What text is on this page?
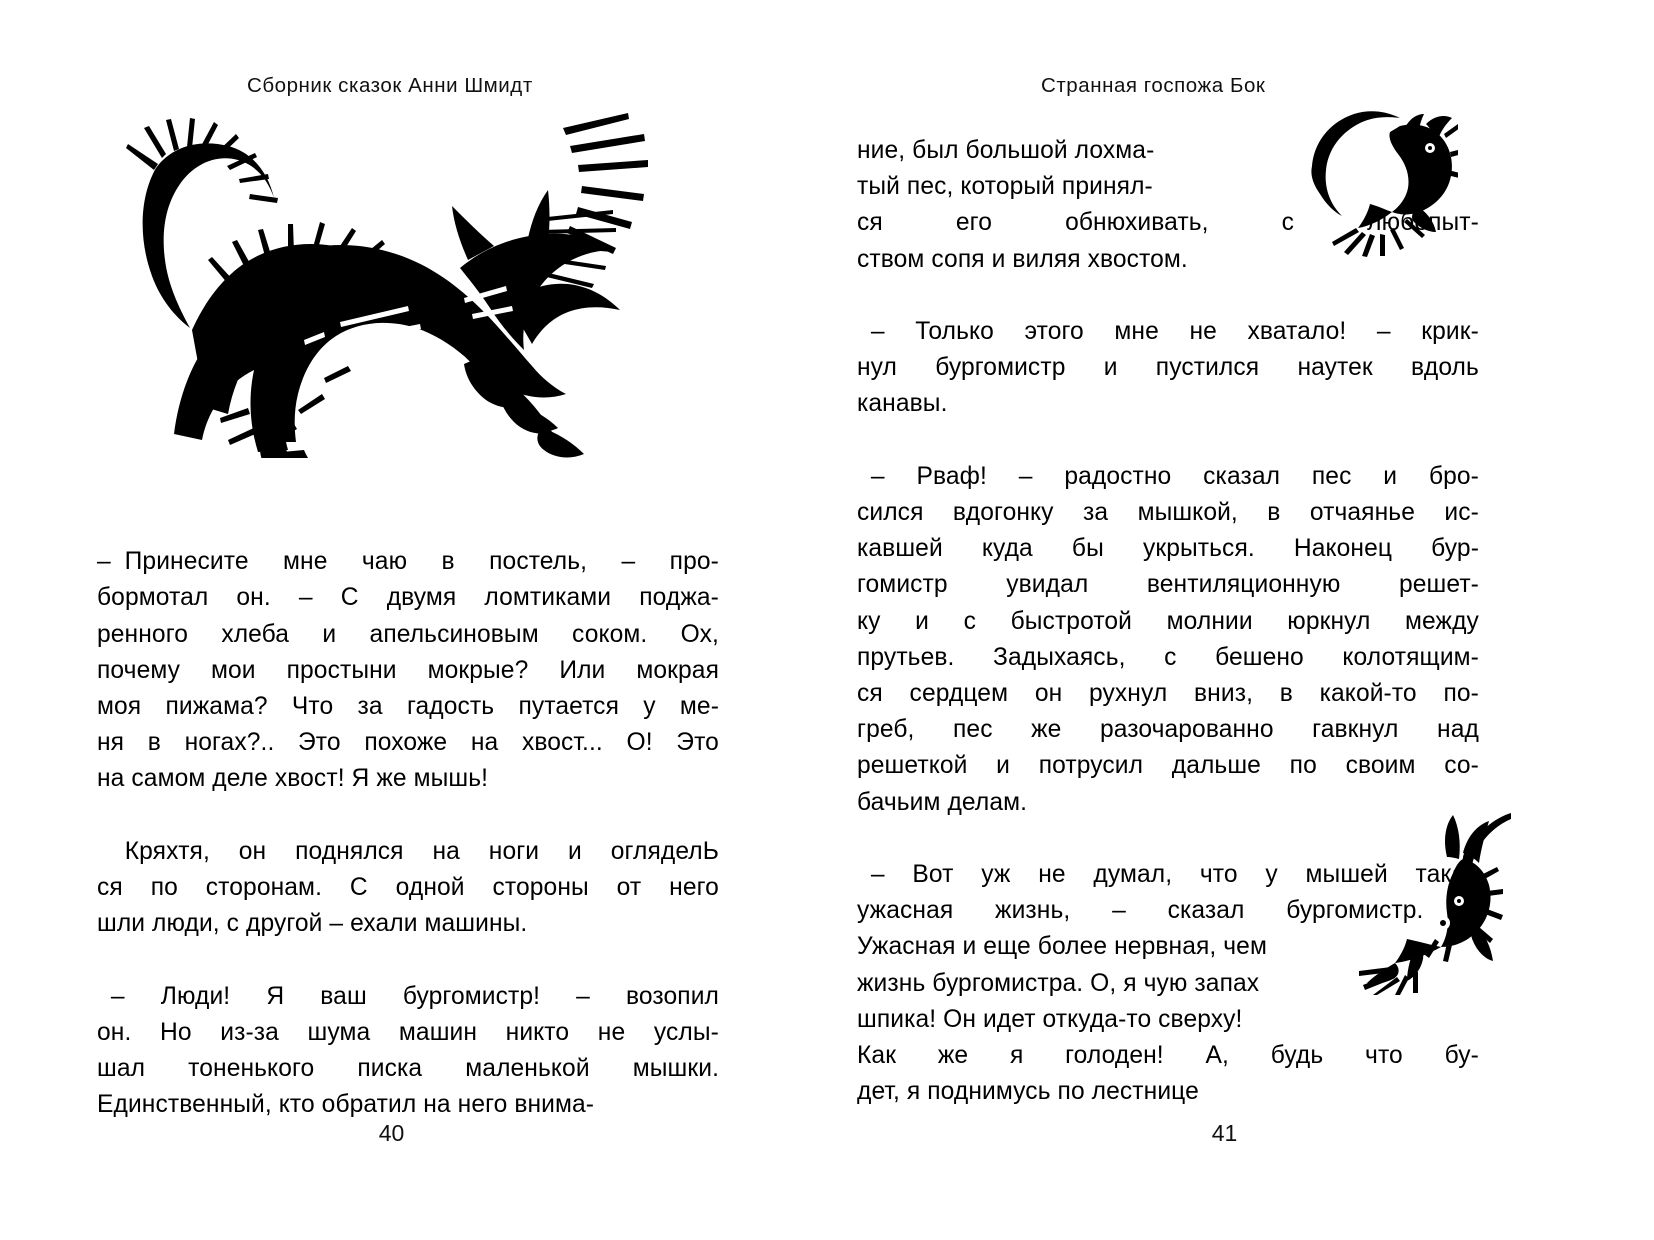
Сборник сказок Анни Шмидт

–  Принесите мне чаю в постель, – про-
бормотал он. – С двумя ломтиками поджа-
ренного хлеба и апельсиновым соком. Ох,
почему мои простыни мокрые? Или мокрая
моя пижама? Что за гадость путается у ме-
ня в ногах?.. Это похоже на хвост... О! Это
на самом деле хвост! Я же мышь!

Кряхтя, он поднялся на ноги и огляделЬ
ся по сторонам. С одной стороны от него
шли люди, с другой – ехали машины.

– Люди! Я ваш бургомистр! – возопил
он. Но из-за шума машин никто не услы-
шал тоненького писка маленькой мышки.
Единственный, кто обратил на него внима-

40
Странная госпожа Бок

ние, был большой лохма-
тый пес, который принял-
ся	его	обнюхивать,	с	любопыт-
ством сопя и виляя хвостом.

– Только этого мне не хватало! – крик-
нул бургомистр и пустился наутек вдоль
канавы.

– Рваф! – радостно сказал пес и бро-
сился вдогонку за мышкой, в отчаянье ис-
кавшей куда бы укрыться. Наконец бур-
гомистр увидал вентиляционную решет-
ку и с быстротой молнии юркнул между
прутьев. Задыхаясь, с бешено колотящим-
ся сердцем он рухнул вниз, в какой-то по-
греб, пес же разочарованно гавкнул над
решеткой и потрусил дальше по своим со-
бачьим делам.

– Вот уж не думал, что у мышей такая
ужасная жизнь, – сказал бургомистр. –
Ужасная и еще более нервная, чем
жизнь бургомистра. О, я чую запах
шпика! Он идет откуда-то сверху!
Как же я голоден! А, будь что бу-
дет, я поднимусь по лестнице

41
